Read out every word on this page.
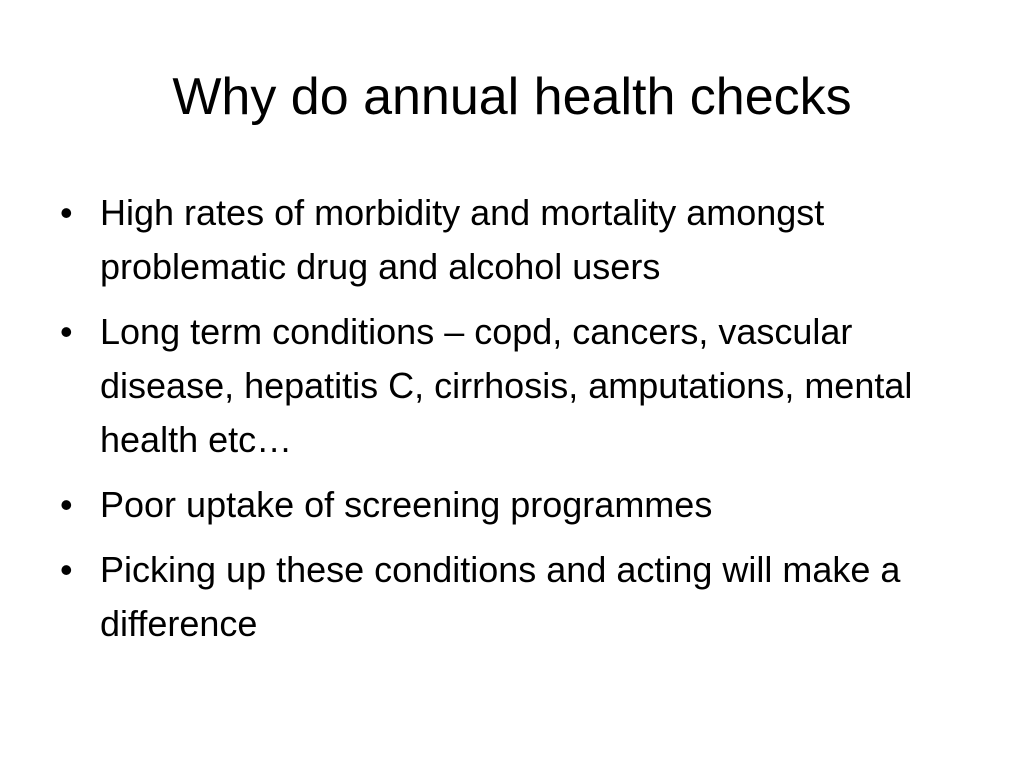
Why do annual health checks
• High rates of morbidity and mortality amongst problematic drug and alcohol users
• Long term conditions – copd, cancers, vascular disease, hepatitis C, cirrhosis, amputations, mental health etc…
• Poor uptake of screening programmes
• Picking up these conditions and acting will make a difference
